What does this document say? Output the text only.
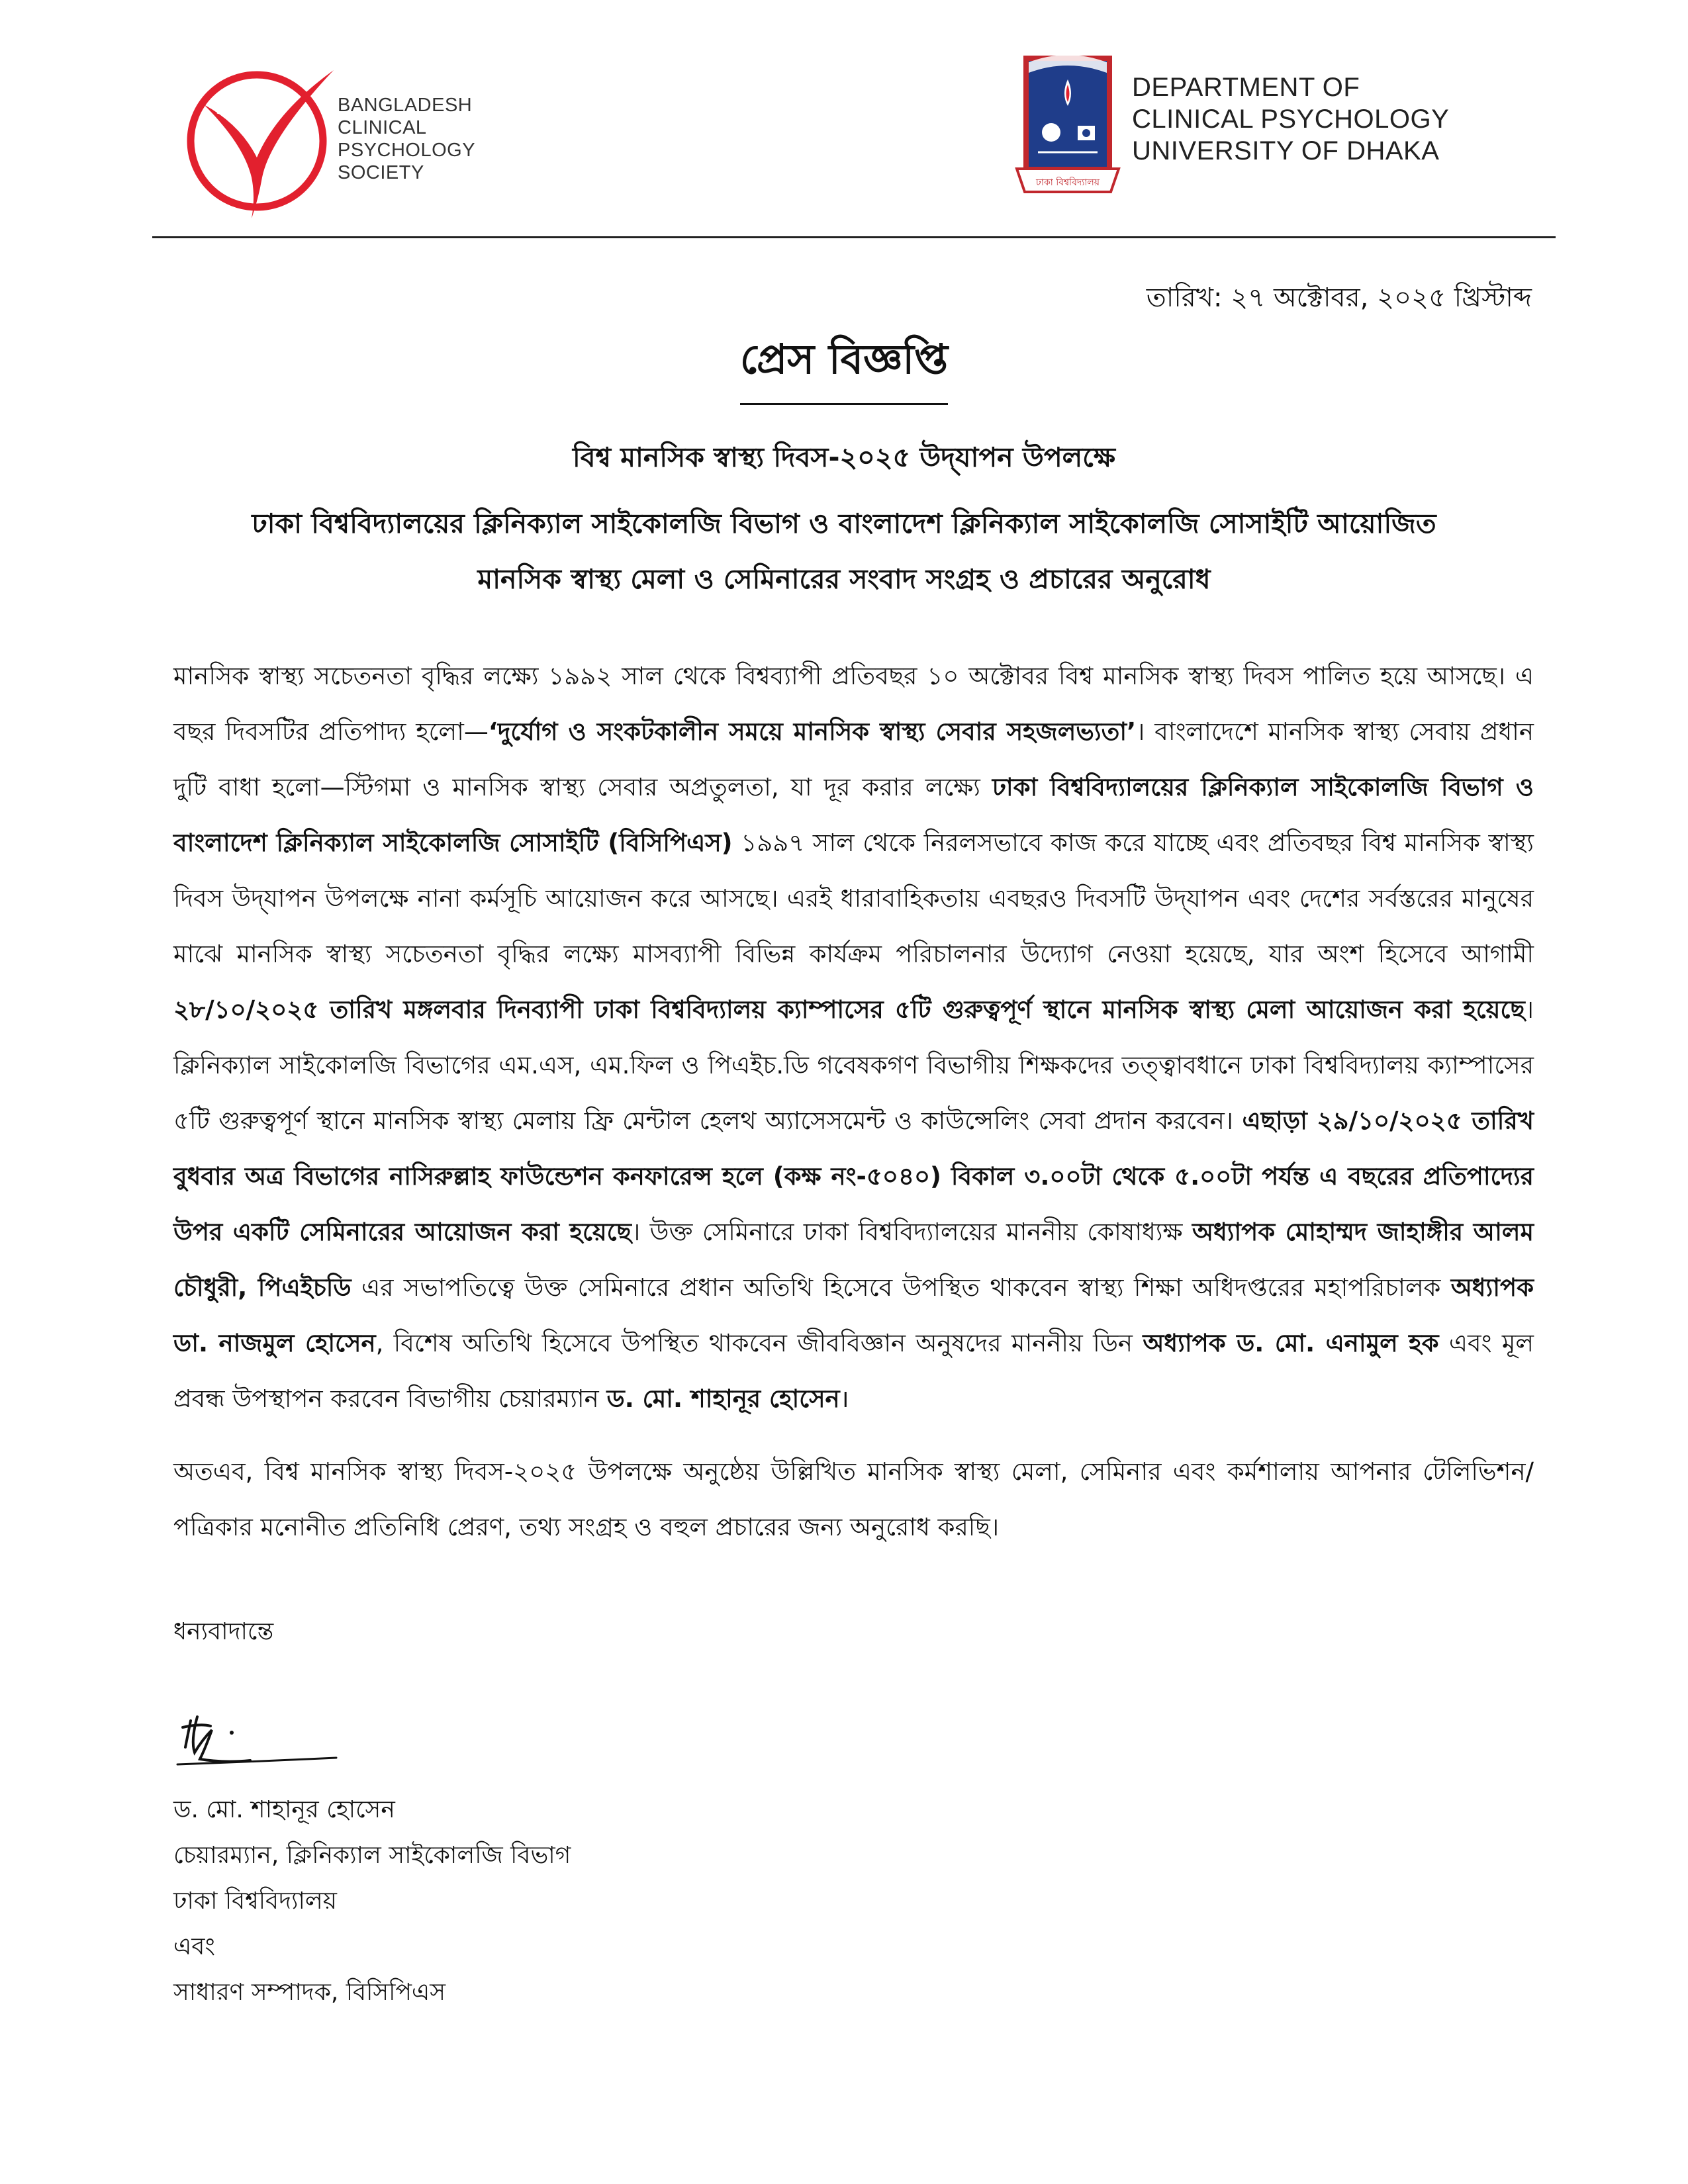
BANGLADESH
CLINICAL
PSYCHOLOGY
SOCIETY	ঢাকা বিশ্ববিদ্যালয়
DEPARTMENT OF
CLINICAL PSYCHOLOGY
UNIVERSITY OF DHAKA
তারিখ: ২৭ অক্টোবর, ২০২৫ খ্রিস্টাব্দ
প্রেস বিজ্ঞপ্তি
বিশ্ব মানসিক স্বাস্থ্য দিবস-২০২৫ উদ্‌যাপন উপলক্ষে
ঢাকা বিশ্ববিদ্যালয়ের ক্লিনিক্যাল সাইকোলজি বিভাগ ও বাংলাদেশ ক্লিনিক্যাল সাইকোলজি সোসাইটি আয়োজিত
মানসিক স্বাস্থ্য মেলা ও সেমিনারের সংবাদ সংগ্রহ ও প্রচারের অনুরোধ

মানসিক স্বাস্থ্য সচেতনতা বৃদ্ধির লক্ষ্যে ১৯৯২ সাল থেকে বিশ্বব্যাপী প্রতিবছর ১০ অক্টোবর বিশ্ব মানসিক স্বাস্থ্য দিবস পালিত হয়ে আসছে। এ বছর দিবসটির প্রতিপাদ্য হলো—‘দুর্যোগ ও সংকটকালীন সময়ে মানসিক স্বাস্থ্য সেবার সহজলভ্যতা’। বাংলাদেশে মানসিক স্বাস্থ্য সেবায় প্রধান দুটি বাধা হলো—স্টিগমা ও মানসিক স্বাস্থ্য সেবার অপ্রতুলতা, যা দূর করার লক্ষ্যে ঢাকা বিশ্ববিদ্যালয়ের ক্লিনিক্যাল সাইকোলজি বিভাগ ও বাংলাদেশ ক্লিনিক্যাল সাইকোলজি সোসাইটি (বিসিপিএস) ১৯৯৭ সাল থেকে নিরলসভাবে কাজ করে যাচ্ছে এবং প্রতিবছর বিশ্ব মানসিক স্বাস্থ্য দিবস উদ্‌যাপন উপলক্ষে নানা কর্মসূচি আয়োজন করে আসছে। এরই ধারাবাহিকতায় এবছরও দিবসটি উদ্‌যাপন এবং দেশের সর্বস্তরের মানুষের মাঝে মানসিক স্বাস্থ্য সচেতনতা বৃদ্ধির লক্ষ্যে মাসব্যাপী বিভিন্ন কার্যক্রম পরিচালনার উদ্যোগ নেওয়া হয়েছে, যার অংশ হিসেবে আগামী ২৮/১০/২০২৫ তারিখ মঙ্গলবার দিনব্যাপী ঢাকা বিশ্ববিদ্যালয় ক্যাম্পাসের ৫টি গুরুত্বপূর্ণ স্থানে মানসিক স্বাস্থ্য মেলা আয়োজন করা হয়েছে। ক্লিনিক্যাল সাইকোলজি বিভাগের এম.এস, এম.ফিল ও পিএইচ.ডি গবেষকগণ বিভাগীয় শিক্ষকদের তত্ত্বাবধানে ঢাকা বিশ্ববিদ্যালয় ক্যাম্পাসের ৫টি গুরুত্বপূর্ণ স্থানে মানসিক স্বাস্থ্য মেলায় ফ্রি মেন্টাল হেলথ অ্যাসেসমেন্ট ও কাউন্সেলিং সেবা প্রদান করবেন। এছাড়া ২৯/১০/২০২৫ তারিখ বুধবার অত্র বিভাগের নাসিরুল্লাহ ফাউন্ডেশন কনফারেন্স হলে (কক্ষ নং-৫০৪০) বিকাল ৩.০০টা থেকে ৫.০০টা পর্যন্ত এ বছরের প্রতিপাদ্যের উপর একটি সেমিনারের আয়োজন করা হয়েছে। উক্ত সেমিনারে ঢাকা বিশ্ববিদ্যালয়ের মাননীয় কোষাধ্যক্ষ অধ্যাপক মোহাম্মদ জাহাঙ্গীর আলম চৌধুরী, পিএইচডি এর সভাপতিত্বে উক্ত সেমিনারে প্রধান অতিথি হিসেবে উপস্থিত থাকবেন স্বাস্থ্য শিক্ষা অধিদপ্তরের মহাপরিচালক অধ্যাপক ডা. নাজমুল হোসেন, বিশেষ অতিথি হিসেবে উপস্থিত থাকবেন জীববিজ্ঞান অনুষদের মাননীয় ডিন অধ্যাপক ড. মো. এনামুল হক এবং মূল প্রবন্ধ উপস্থাপন করবেন বিভাগীয় চেয়ারম্যান ড. মো. শাহানূর হোসেন।

অতএব, বিশ্ব মানসিক স্বাস্থ্য দিবস-২০২৫ উপলক্ষে অনুষ্ঠেয় উল্লিখিত মানসিক স্বাস্থ্য মেলা, সেমিনার এবং কর্মশালায় আপনার টেলিভিশন/পত্রিকার মনোনীত প্রতিনিধি প্রেরণ, তথ্য সংগ্রহ ও বহুল প্রচারের জন্য অনুরোধ করছি।

ধন্যবাদান্তে
ড. মো. শাহানূর হোসেন
চেয়ারম্যান, ক্লিনিক্যাল সাইকোলজি বিভাগ
ঢাকা বিশ্ববিদ্যালয়
এবং
সাধারণ সম্পাদক, বিসিপিএস
